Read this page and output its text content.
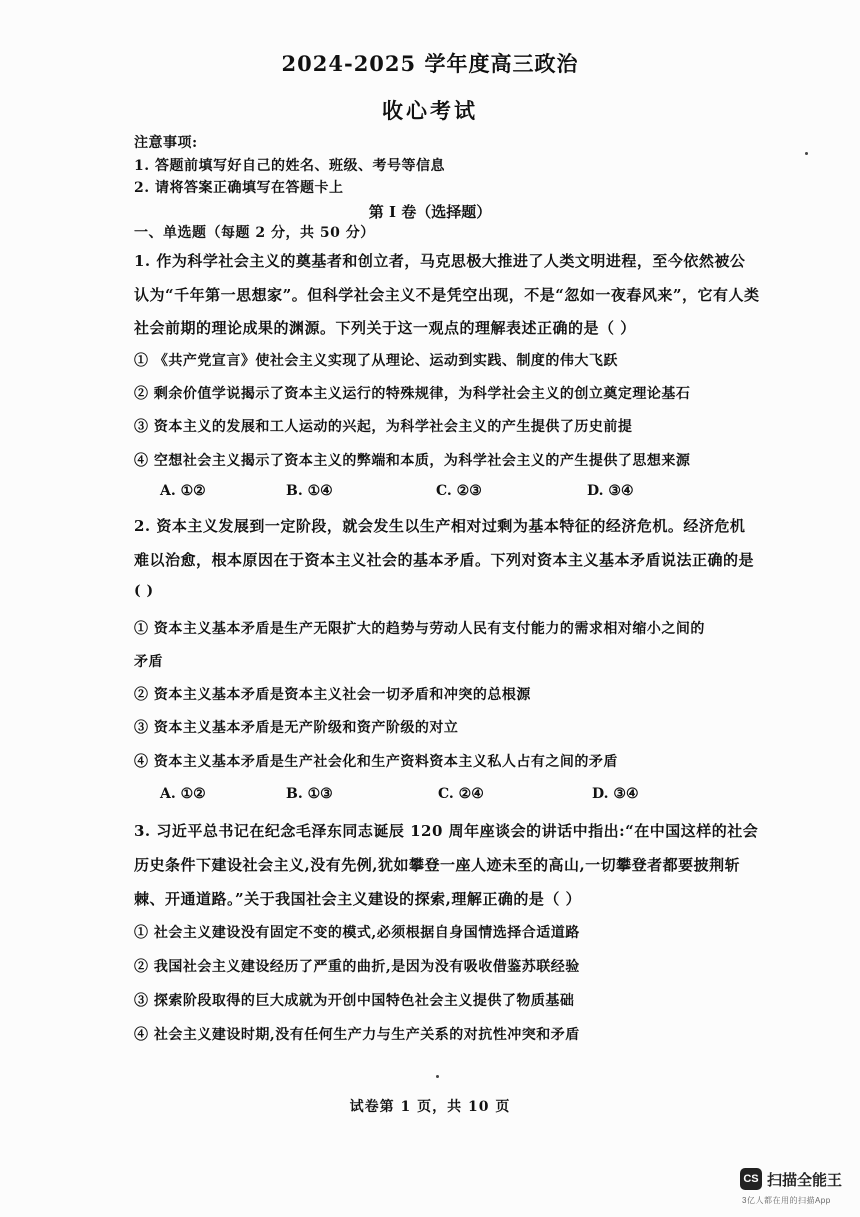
2024-2025 学年度高三政治
收心考试
注意事项:
1. 答题前填写好自己的姓名、班级、考号等信息
2. 请将答案正确填写在答题卡上
第 I 卷（选择题）
一、单选题（每题 2 分，共 50 分）
1. 作为科学社会主义的奠基者和创立者，马克思极大推进了人类文明进程，至今依然被公
认为“千年第一思想家”。但科学社会主义不是凭空出现，不是“忽如一夜春风来”，它有人类
社会前期的理论成果的渊源。下列关于这一观点的理解表述正确的是（ ）
① 《共产党宣言》使社会主义实现了从理论、运动到实践、制度的伟大飞跃
② 剩余价值学说揭示了资本主义运行的特殊规律，为科学社会主义的创立奠定理论基石
③ 资本主义的发展和工人运动的兴起，为科学社会主义的产生提供了历史前提
④ 空想社会主义揭示了资本主义的弊端和本质，为科学社会主义的产生提供了思想来源
A. ①②	B. ①④	C. ②③	D. ③④
2. 资本主义发展到一定阶段，就会发生以生产相对过剩为基本特征的经济危机。经济危机
难以治愈，根本原因在于资本主义社会的基本矛盾。下列对资本主义基本矛盾说法正确的是
( )
① 资本主义基本矛盾是生产无限扩大的趋势与劳动人民有支付能力的需求相对缩小之间的
矛盾
② 资本主义基本矛盾是资本主义社会一切矛盾和冲突的总根源
③ 资本主义基本矛盾是无产阶级和资产阶级的对立
④ 资本主义基本矛盾是生产社会化和生产资料资本主义私人占有之间的矛盾
A. ①②	B. ①③	C. ②④	D. ③④
3. 习近平总书记在纪念毛泽东同志诞辰 120 周年座谈会的讲话中指出:“在中国这样的社会
历史条件下建设社会主义,没有先例,犹如攀登一座人迹未至的高山,一切攀登者都要披荆斩
棘、开通道路。”关于我国社会主义建设的探索,理解正确的是（ ）
① 社会主义建设没有固定不变的模式,必须根据自身国情选择合适道路
② 我国社会主义建设经历了严重的曲折,是因为没有吸收借鉴苏联经验
③ 探索阶段取得的巨大成就为开创中国特色社会主义提供了物质基础
④ 社会主义建设时期,没有任何生产力与生产关系的对抗性冲突和矛盾
试卷第 1 页，共 10 页
CS 扫描全能王
3亿人都在用的扫描App
